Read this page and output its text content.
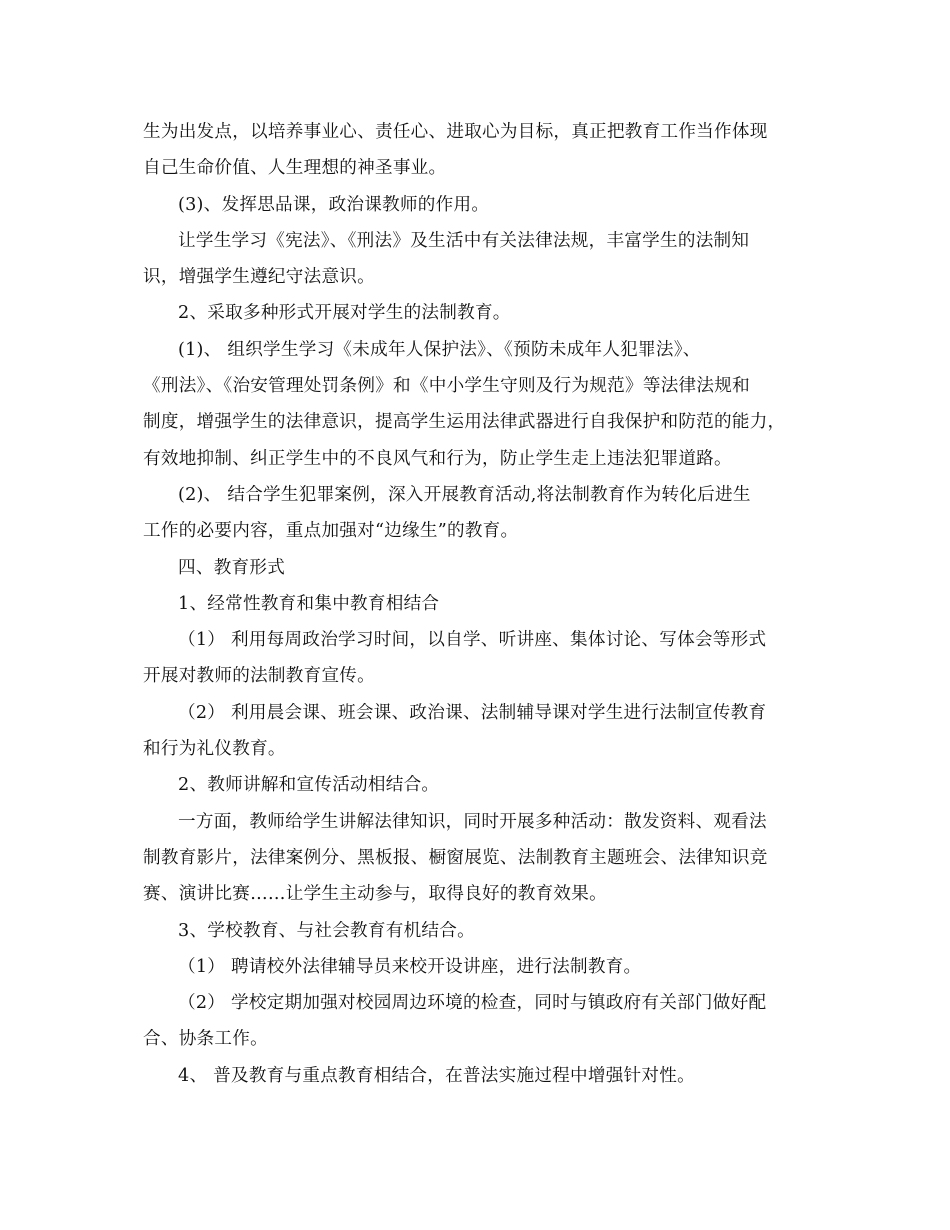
生为出发点，以培养事业心、责任心、进取心为目标，真正把教育工作当作体现
自己生命价值、人生理想的神圣事业。

(3)、发挥思品课，政治课教师的作用。

让学生学习《宪法》、《刑法》及生活中有关法律法规，丰富学生的法制知
识，增强学生遵纪守法意识。

2、采取多种形式开展对学生的法制教育。

(1)、 组织学生学习《未成年人保护法》、《预防未成年人犯罪法》、
《刑法》、《治安管理处罚条例》和《中小学生守则及行为规范》等法律法规和
制度，增强学生的法律意识，提高学生运用法律武器进行自我保护和防范的能力，
有效地抑制、纠正学生中的不良风气和行为，防止学生走上违法犯罪道路。

(2)、 结合学生犯罪案例，深入开展教育活动,将法制教育作为转化后进生
工作的必要内容，重点加强对“边缘生”的教育。

四、教育形式

1、经常性教育和集中教育相结合

（1） 利用每周政治学习时间，以自学、听讲座、集体讨论、写体会等形式
开展对教师的法制教育宣传。

（2） 利用晨会课、班会课、政治课、法制辅导课对学生进行法制宣传教育
和行为礼仪教育。

2、教师讲解和宣传活动相结合。

一方面，教师给学生讲解法律知识，同时开展多种活动：散发资料、观看法
制教育影片，法律案例分、黑板报、橱窗展览、法制教育主题班会、法律知识竞
赛、演讲比赛……让学生主动参与，取得良好的教育效果。

3、学校教育、与社会教育有机结合。

（1） 聘请校外法律辅导员来校开设讲座，进行法制教育。

（2） 学校定期加强对校园周边环境的检查，同时与镇政府有关部门做好配
合、协条工作。

4、 普及教育与重点教育相结合，在普法实施过程中增强针对性。
